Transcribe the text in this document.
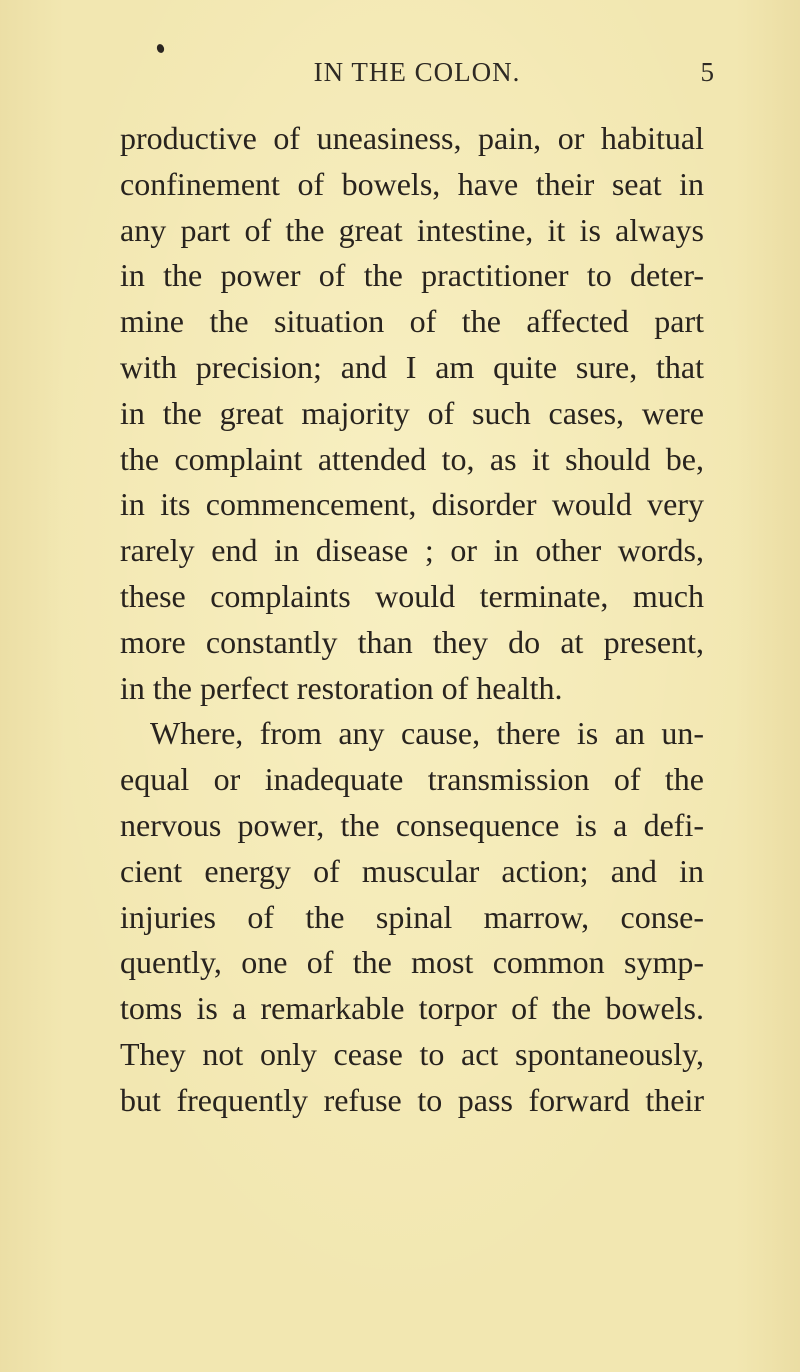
IN THE COLON.	5
productive of uneasiness, pain, or habitual
confinement of bowels, have their seat in
any part of the great intestine, it is always
in the power of the practitioner to deter-
mine the situation of the affected part
with precision; and I am quite sure, that
in the great majority of such cases, were
the complaint attended to, as it should be,
in its commencement, disorder would very
rarely end in disease ; or in other words,
these complaints would terminate, much
more constantly than they do at present,
in the perfect restoration of health.
Where, from any cause, there is an un-
equal or inadequate transmission of the
nervous power, the consequence is a defi-
cient energy of muscular action; and in
injuries of the spinal marrow, conse-
quently, one of the most common symp-
toms is a remarkable torpor of the bowels.
They not only cease to act spontaneously,
but frequently refuse to pass forward their
